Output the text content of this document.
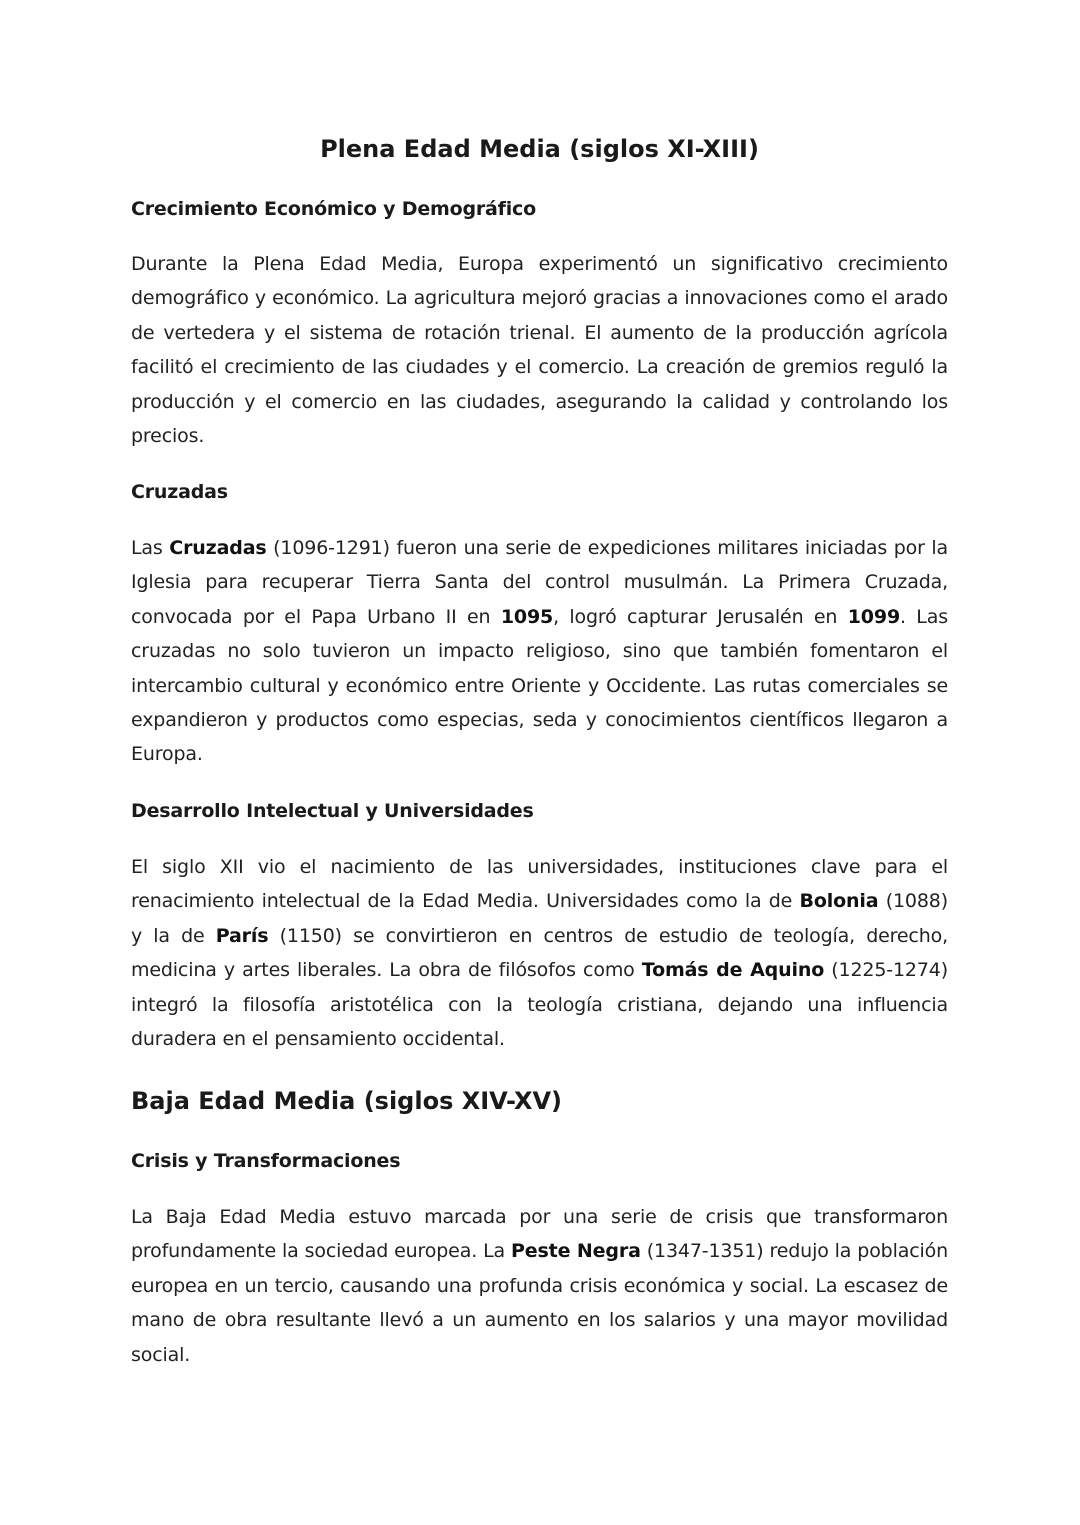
Plena Edad Media (siglos XI-XIII)
Crecimiento Económico y Demográfico

Durante la Plena Edad Media, Europa experimentó un significativo crecimiento demográfico y económico. La agricultura mejoró gracias a innovaciones como el arado de vertedera y el sistema de rotación trienal. El aumento de la producción agrícola facilitó el crecimiento de las ciudades y el comercio. La creación de gremios reguló la producción y el comercio en las ciudades, asegurando la calidad y controlando los precios.

Cruzadas

Las Cruzadas (1096-1291) fueron una serie de expediciones militares iniciadas por la Iglesia para recuperar Tierra Santa del control musulmán. La Primera Cruzada, convocada por el Papa Urbano II en 1095, logró capturar Jerusalén en 1099. Las cruzadas no solo tuvieron un impacto religioso, sino que también fomentaron el intercambio cultural y económico entre Oriente y Occidente. Las rutas comerciales se expandieron y productos como especias, seda y conocimientos científicos llegaron a Europa.

Desarrollo Intelectual y Universidades

El siglo XII vio el nacimiento de las universidades, instituciones clave para el renacimiento intelectual de la Edad Media. Universidades como la de Bolonia (1088) y la de París (1150) se convirtieron en centros de estudio de teología, derecho, medicina y artes liberales. La obra de filósofos como Tomás de Aquino (1225-1274) integró la filosofía aristotélica con la teología cristiana, dejando una influencia duradera en el pensamiento occidental.

Baja Edad Media (siglos XIV-XV)
Crisis y Transformaciones

La Baja Edad Media estuvo marcada por una serie de crisis que transformaron profundamente la sociedad europea. La Peste Negra (1347-1351) redujo la población europea en un tercio, causando una profunda crisis económica y social. La escasez de mano de obra resultante llevó a un aumento en los salarios y una mayor movilidad social.
